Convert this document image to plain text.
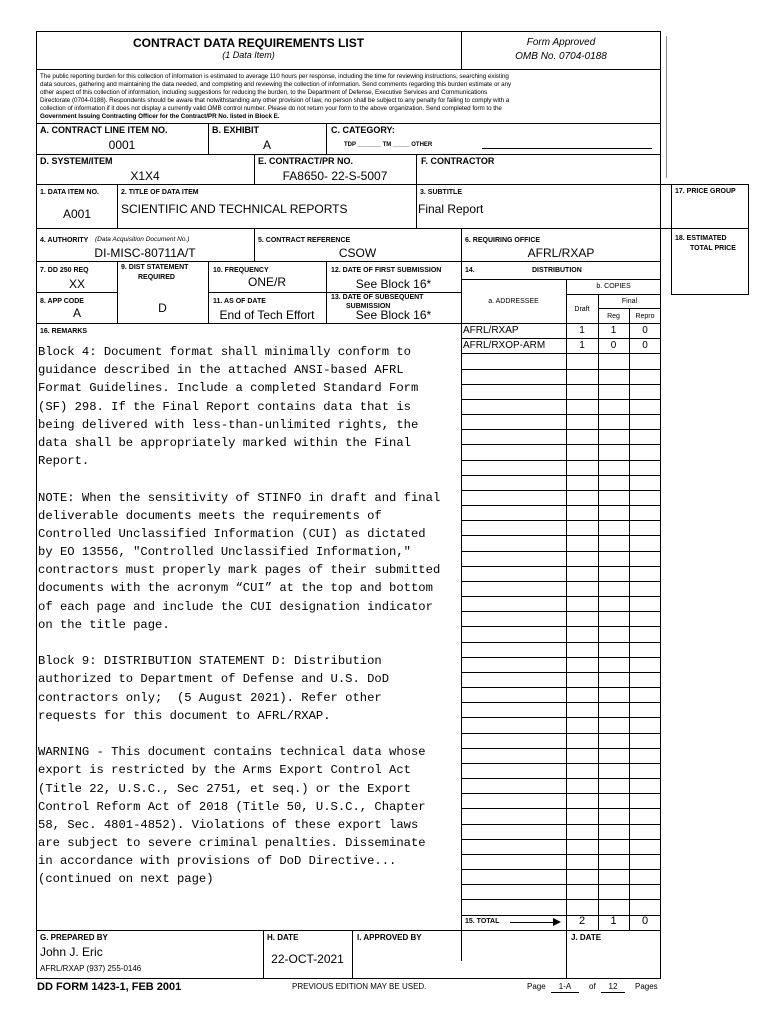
CONTRACT DATA REQUIREMENTS LIST
(1 Data Item)
Form Approved
OMB No. 0704-0188
The public reporting burden for this collection of information is estimated to average 110 hours per response, including the time for reviewing instructions, searching existing
data sources, gathering and maintaining the data needed, and completing and reviewing the collection of information. Send comments regarding this burden estimate or any
other aspect of this collection of information, including suggestions for reducing the burden, to the Department of Defense, Executive Services and Communications
Directorate (0704-0188). Respondents should be aware that notwithstanding any other provision of law, no person shall be subject to any penalty for failing to comply with a
collection of information if it does not display a currently valid OMB control number. Please do not return your form to the above organization. Send completed form to the
Government Issuing Contracting Officer for the Contract/PR No. listed in Block E.
A. CONTRACT LINE ITEM NO.
0001
B. EXHIBIT
A
C. CATEGORY:
TDP _______ TM _____ OTHER
D. SYSTEM/ITEM
X1X4
E. CONTRACT/PR NO.
FA8650- 22-S-5007
F. CONTRACTOR
1. DATA ITEM NO.
A001
2. TITLE OF DATA ITEM
SCIENTIFIC AND TECHNICAL REPORTS
3. SUBTITLE
Final Report
17. PRICE GROUP
18. ESTIMATED
TOTAL PRICE
4. AUTHORITY (Data Acquisition Document No.)
DI-MISC-80711A/T
5. CONTRACT REFERENCE
CSOW
6. REQUIRING OFFICE
AFRL/RXAP
7. DD 250 REQ
XX
9. DIST STATEMENT
REQUIRED
D
10. FREQUENCY
ONE/R
12. DATE OF FIRST SUBMISSION
See Block 16*
14.	DISTRIBUTION
8. APP CODE
A
11. AS OF DATE
End of Tech Effort
13. DATE OF SUBSEQUENT
SUBMISSION
See Block 16*
a. ADDRESSEE
b. COPIES
Draft
Final
Reg	Repro
16. REMARKS
Block 4: Document format shall minimally conform to
guidance described in the attached ANSI-based AFRL
Format Guidelines. Include a completed Standard Form
(SF) 298. If the Final Report contains data that is
being delivered with less-than-unlimited rights, the
data shall be appropriately marked within the Final
Report.
NOTE: When the sensitivity of STINFO in draft and final
deliverable documents meets the requirements of
Controlled Unclassified Information (CUI) as dictated
by EO 13556, "Controlled Unclassified Information,"
contractors must properly mark pages of their submitted
documents with the acronym “CUI” at the top and bottom
of each page and include the CUI designation indicator
on the title page.
Block 9: DISTRIBUTION STATEMENT D: Distribution
authorized to Department of Defense and U.S. DoD
contractors only;  (5 August 2021). Refer other
requests for this document to AFRL/RXAP.
WARNING - This document contains technical data whose
export is restricted by the Arms Export Control Act
(Title 22, U.S.C., Sec 2751, et seq.) or the Export
Control Reform Act of 2018 (Title 50, U.S.C., Chapter
58, Sec. 4801-4852). Violations of these export laws
are subject to severe criminal penalties. Disseminate
in accordance with provisions of DoD Directive...
(continued on next page)
AFRL/RXAP	1	1	0
AFRL/RXOP-ARM	1	0	0
15. TOTAL	2	1	0
G. PREPARED BY
John J. Eric
AFRL/RXAP (937) 255-0146
H. DATE
22-OCT-2021
I. APPROVED BY	J. DATE
DD FORM 1423-1, FEB 2001	PREVIOUS EDITION MAY BE USED.	Page	1-A	of	12	Pages
